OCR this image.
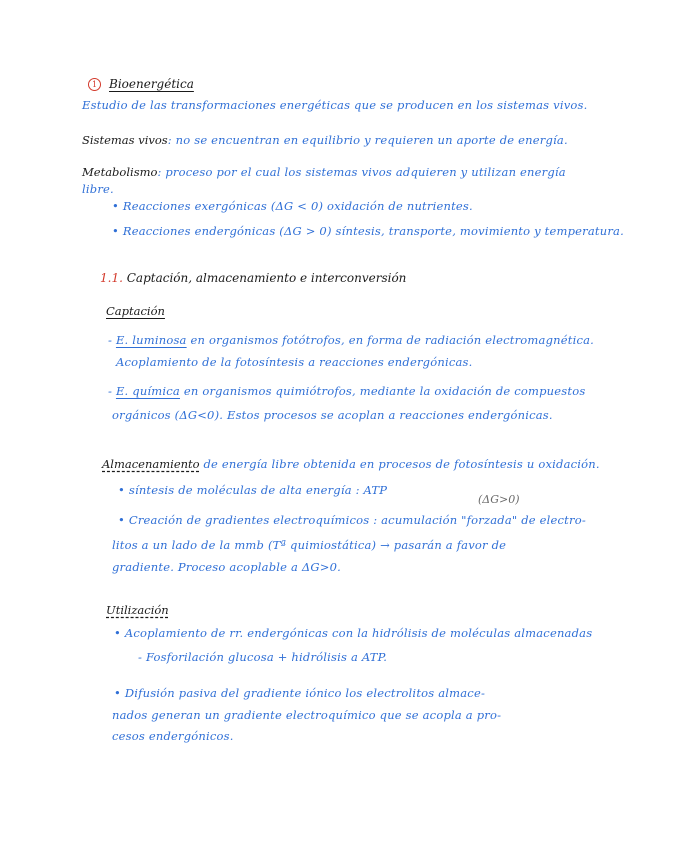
1 Bioenergética
Estudio de las transformaciones energéticas que se producen en los sistemas vivos.
Sistemas vivos: no se encuentran en equilibrio y requieren un aporte de energía.
Metabolismo: proceso por el cual los sistemas vivos adquieren y utilizan energía
libre.
• Reacciones exergónicas (ΔG < 0) oxidación de nutrientes.
• Reacciones endergónicas (ΔG > 0) síntesis, transporte, movimiento y temperatura.
1.1. Captación, almacenamiento e interconversión
Captación
- E. luminosa en organismos fotótrofos, en forma de radiación electromagnética.
Acoplamiento de la fotosíntesis a reacciones endergónicas.
- E. química en organismos quimiótrofos, mediante la oxidación de compuestos
orgánicos (ΔG<0). Estos procesos se acoplan a reacciones endergónicas.
Almacenamiento de energía libre obtenida en procesos de fotosíntesis u oxidación.
• síntesis de moléculas de alta energía : ATP
(ΔG>0)
• Creación de gradientes electroquímicos : acumulación "forzada" de electro-
litos a un lado de la mmb (Tª quimiostática) → pasarán a favor de
gradiente. Proceso acoplable a ΔG>0.
Utilización
• Acoplamiento de rr. endergónicas con la hidrólisis de moléculas almacenadas
- Fosforilación glucosa + hidrólisis a ATP.
• Difusión pasiva del gradiente iónico los electrolitos almace-
nados generan un gradiente electroquímico que se acopla a pro-
cesos endergónicos.
